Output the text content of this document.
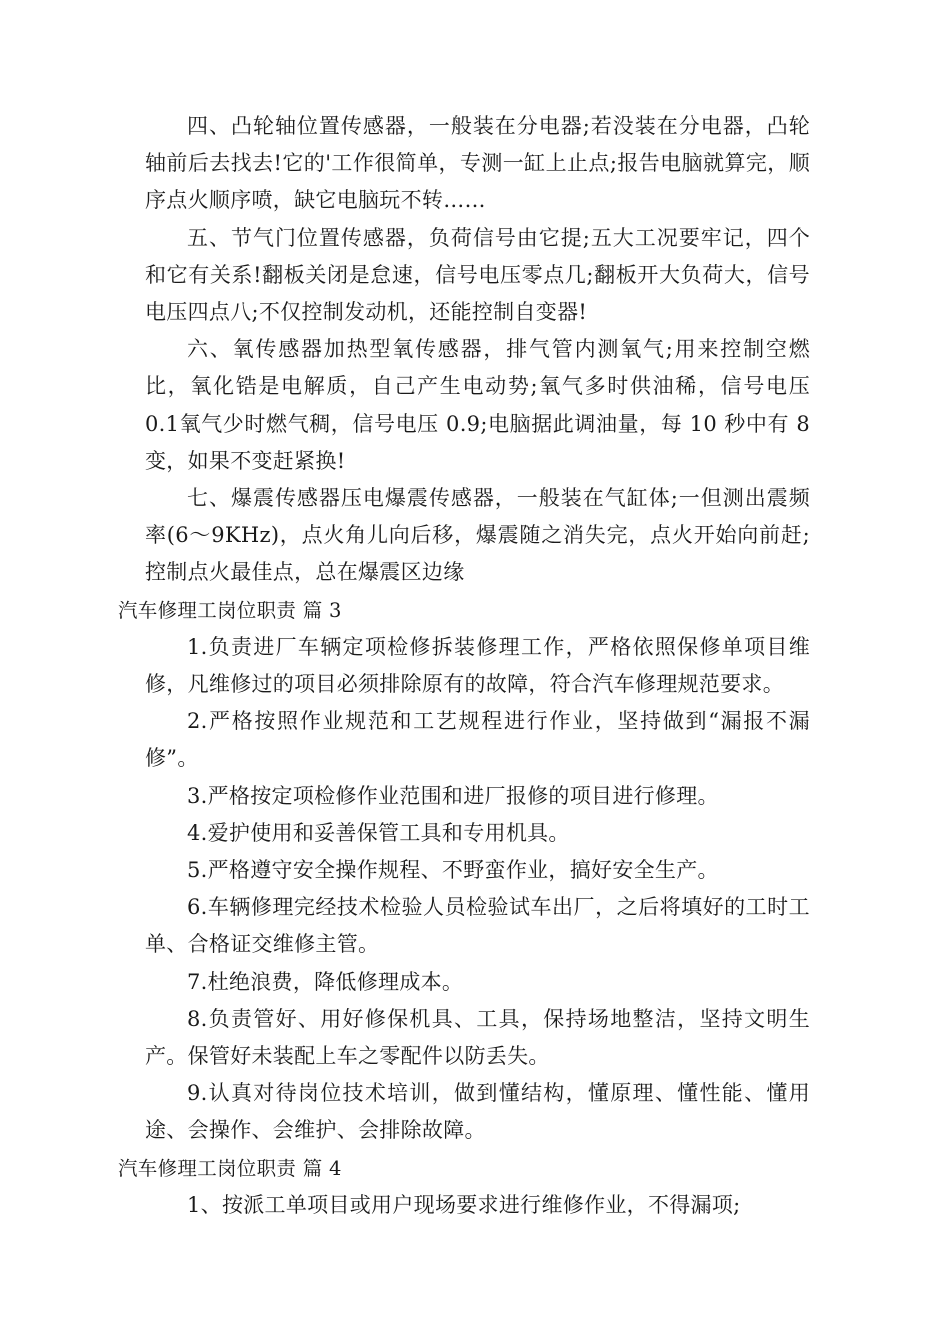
四、凸轮轴位置传感器，一般装在分电器;若没装在分电器，凸轮轴前后去找去!它的'工作很简单，专测一缸上止点;报告电脑就算完，顺序点火顺序喷，缺它电脑玩不转……

五、节气门位置传感器，负荷信号由它提;五大工况要牢记，四个和它有关系!翻板关闭是怠速，信号电压零点几;翻板开大负荷大，信号电压四点八;不仅控制发动机，还能控制自变器!

六、氧传感器加热型氧传感器，排气管内测氧气;用来控制空燃比，氧化锆是电解质，自己产生电动势;氧气多时供油稀，信号电压 0.1氧气少时燃气稠，信号电压 0.9;电脑据此调油量，每 10 秒中有 8 变，如果不变赶紧换!

七、爆震传感器压电爆震传感器，一般装在气缸体;一但测出震频率(6～9KHz)，点火角儿向后移，爆震随之消失完，点火开始向前赶;控制点火最佳点，总在爆震区边缘

汽车修理工岗位职责 篇 3

1.负责进厂车辆定项检修拆装修理工作，严格依照保修单项目维修，凡维修过的项目必须排除原有的故障，符合汽车修理规范要求。

2.严格按照作业规范和工艺规程进行作业，坚持做到“漏报不漏修”。

3.严格按定项检修作业范围和进厂报修的项目进行修理。

4.爱护使用和妥善保管工具和专用机具。

5.严格遵守安全操作规程、不野蛮作业，搞好安全生产。

6.车辆修理完经技术检验人员检验试车出厂，之后将填好的工时工单、合格证交维修主管。

7.杜绝浪费，降低修理成本。

8.负责管好、用好修保机具、工具，保持场地整洁，坚持文明生产。保管好未装配上车之零配件以防丢失。

9.认真对待岗位技术培训，做到懂结构，懂原理、懂性能、懂用途、会操作、会维护、会排除故障。

汽车修理工岗位职责 篇 4

1、按派工单项目或用户现场要求进行维修作业，不得漏项;
